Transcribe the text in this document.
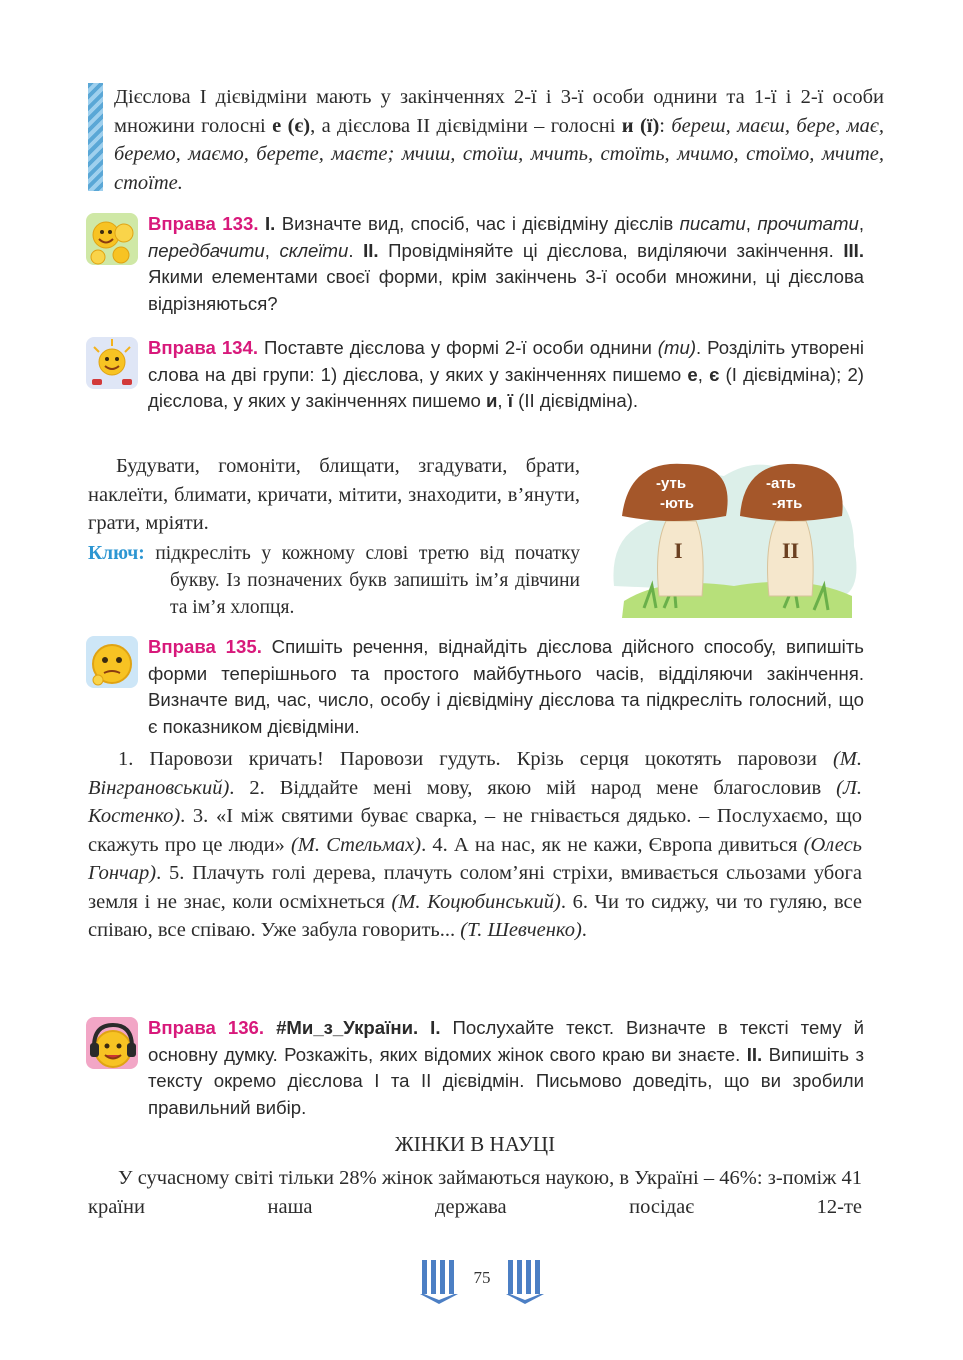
Дієслова І дієвідміни мають у закінченнях 2-ї і 3-ї особи однини та 1-ї і 2-ї особи множини голосні е (є), а дієслова ІІ дієвідміни – голосні и (ї): береш, маєш, бере, має, беремо, маємо, берете, маєте; мчиш, стоїш, мчить, стоїть, мчимо, стоїмо, мчите, стоїте.
Вправа 133. І. Визначте вид, спосіб, час і дієвідміну дієслів писати, прочитати, передбачити, склеїти. ІІ. Провідміняйте ці дієслова, виділяючи закінчення. ІІІ. Якими елементами своєї форми, крім закінчень 3-ї особи множини, ці дієслова відрізняються?
Вправа 134. Поставте дієслова у формі 2-ї особи однини (ти). Розділіть утворені слова на дві групи: 1) дієслова, у яких у закінченнях пишемо е, є (І дієвідміна); 2) дієслова, у яких у закінченнях пишемо и, ї (ІІ дієвідміна).
Будувати, гомоніти, блищати, згадувати, брати, наклеїти, блимати, кричати, мітити, знаходити, в’янути, грати, мріяти.
Ключ: підкресліть у кожному слові третю від початку букву. Із позначених букв запишіть ім’я дівчини та ім’я хлопця.
-уть
-ють
-ать
-ять
І	ІІ
Вправа 135. Спишіть речення, віднайдіть дієслова дійсного способу, випишіть форми теперішнього та простого майбутнього часів, відділяючи закінчення. Визначте вид, час, число, особу і дієвідміну дієслова та підкресліть голосний, що є показником дієвідміни.
1. Паровози кричать! Паровози гудуть. Крізь серця цокотять паровози (М. Вінграновський). 2. Віддайте мені мову, якою мій народ мене благословив (Л. Костенко). 3. «І між святими буває сварка, – не гнівається дядько. – Послухаємо, що скажуть про це люди» (М. Стельмах). 4. А на нас, як не кажи, Європа дивиться (Олесь Гончар). 5. Плачуть голі дерева, плачуть солом’яні стріхи, вмивається сльозами убога земля і не знає, коли осміхнеться (М. Коцюбинський). 6. Чи то сиджу, чи то гуляю, все співаю, все співаю. Уже забула говорить... (Т. Шевченко).
Вправа 136. #Ми_з_України. І. Послухайте текст. Визначте в тексті тему й основну думку. Розкажіть, яких відомих жінок свого краю ви знаєте. ІІ. Випишіть з тексту окремо дієслова І та ІІ дієвідмін. Письмово доведіть, що ви зробили правильний вибір.
ЖІНКИ В НАУЦІ
У сучасному світі тільки 28% жінок займаються наукою, в Україні – 46%: з-поміж 41 країни наша держава посідає 12-те
75
